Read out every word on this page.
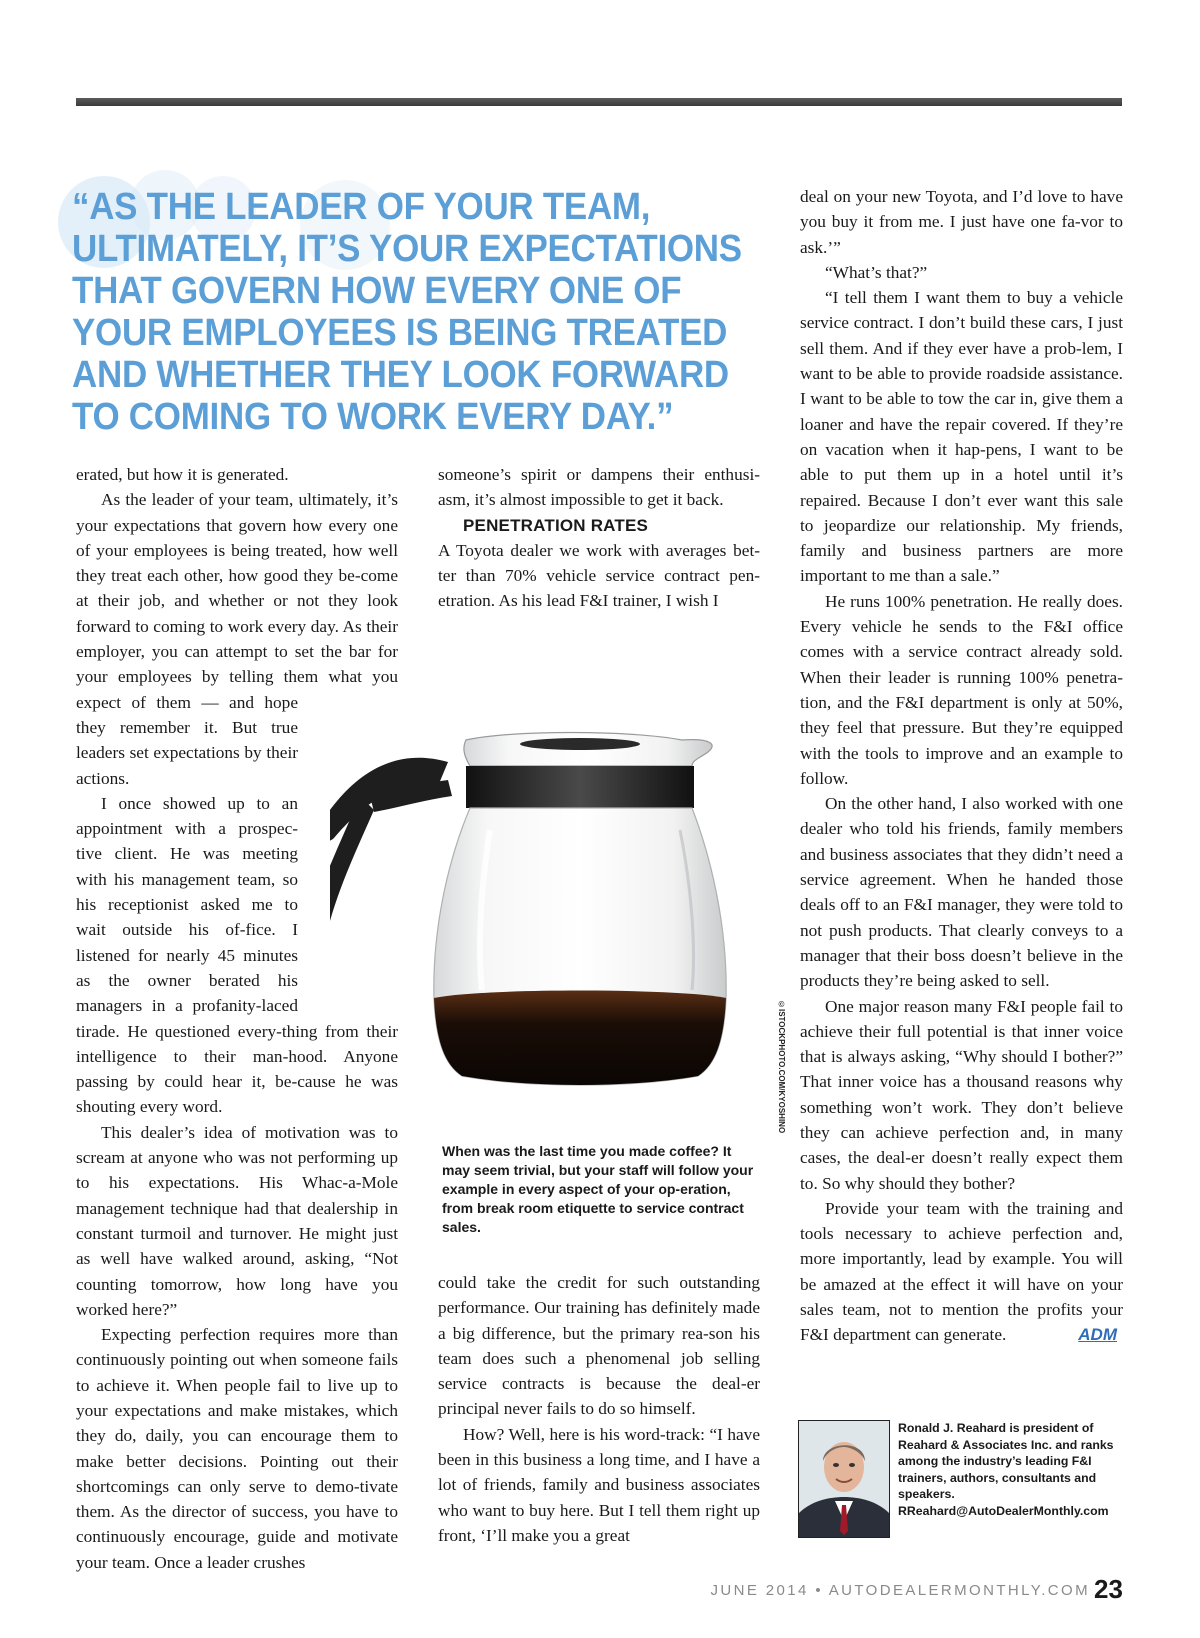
“AS THE LEADER OF YOUR TEAM,
ULTIMATELY, IT’S YOUR EXPECTATIONS
THAT GOVERN HOW EVERY ONE OF
YOUR EMPLOYEES IS BEING TREATED
AND WHETHER THEY LOOK FORWARD
TO COMING TO WORK EVERY DAY.”

erated, but how it is generated.

As the leader of your team, ultimately, it’s your expectations that govern how every one of your employees is being treated, how well they treat each other, how good they be-come at their job, and whether or not they look forward to coming to work every day. As their employer, you can attempt to set the bar for your employees by telling them what you expect of them — and hope they remember it. But true leaders set expectations by their actions.

I once showed up to an appointment with a prospec-tive client. He was meeting with his management team, so his receptionist asked me to wait outside his of-fice. I listened for nearly 45 minutes as the owner berated his managers in a profanity-laced tirade. He questioned every-thing from their intelligence to their man-hood. Anyone passing by could hear it, be-cause he was shouting every word.

This dealer’s idea of motivation was to scream at anyone who was not performing up to his expectations. His Whac-a-Mole management technique had that dealership in constant turmoil and turnover. He might just as well have walked around, asking, “Not counting tomorrow, how long have you worked here?”

Expecting perfection requires more than continuously pointing out when someone fails to achieve it. When people fail to live up to your expectations and make mistakes, which they do, daily, you can encourage them to make better decisions. Pointing out their shortcomings can only serve to demo-tivate them. As the director of success, you have to continuously encourage, guide and motivate your team. Once a leader crushes

someone’s spirit or dampens their enthusi-asm, it’s almost impossible to get it back.

PENETRATION RATES

A Toyota dealer we work with averages bet-ter than 70% vehicle service contract pen-etration. As his lead F&I trainer, I wish I

©ISTOCKPHOTO.COM/KYOSHINO

When was the last time you made coffee? It may seem trivial, but your staff will follow your example in every aspect of your op-eration, from break room etiquette to service contract sales.

could take the credit for such outstanding performance. Our training has definitely made a big difference, but the primary rea-son his team does such a phenomenal job selling service contracts is because the deal-er principal never fails to do so himself.

How? Well, here is his word-track: “I have been in this business a long time, and I have a lot of friends, family and business associates who want to buy here. But I tell them right up front, ‘I’ll make you a great

deal on your new Toyota, and I’d love to have you buy it from me. I just have one fa-vor to ask.’”

“What’s that?”

“I tell them I want them to buy a vehicle service contract. I don’t build these cars, I just sell them. And if they ever have a prob-lem, I want to be able to provide roadside assistance. I want to be able to tow the car in, give them a loaner and have the repair covered. If they’re on vacation when it hap-pens, I want to be able to put them up in a hotel until it’s repaired. Because I don’t ever want this sale to jeopardize our relationship. My friends, family and business partners are more important to me than a sale.”

He runs 100% penetration. He really does. Every vehicle he sends to the F&I office comes with a service contract already sold. When their leader is running 100% penetra-tion, and the F&I department is only at 50%, they feel that pressure. But they’re equipped with the tools to improve and an example to follow.

On the other hand, I also worked with one dealer who told his friends, family members and business associates that they didn’t need a service agreement. When he handed those deals off to an F&I manager, they were told to not push products. That clearly conveys to a manager that their boss doesn’t believe in the products they’re being asked to sell.

One major reason many F&I people fail to achieve their full potential is that inner voice that is always asking, “Why should I bother?” That inner voice has a thousand reasons why something won’t work. They don’t believe they can achieve perfection and, in many cases, the deal-er doesn’t really expect them to. So why should they bother?

Provide your team with the training and tools necessary to achieve perfection and, more importantly, lead by example. You will be amazed at the effect it will have on your sales team, not to mention the profits your F&I department can generate.	ADM

Ronald J. Reahard is president of Reahard & Associates Inc. and ranks among the industry’s leading F&I trainers, authors, consultants and speakers.
RReahard@AutoDealerMonthly.com

JUNE 2014 • AUTODEALERMONTHLY.COM 23
